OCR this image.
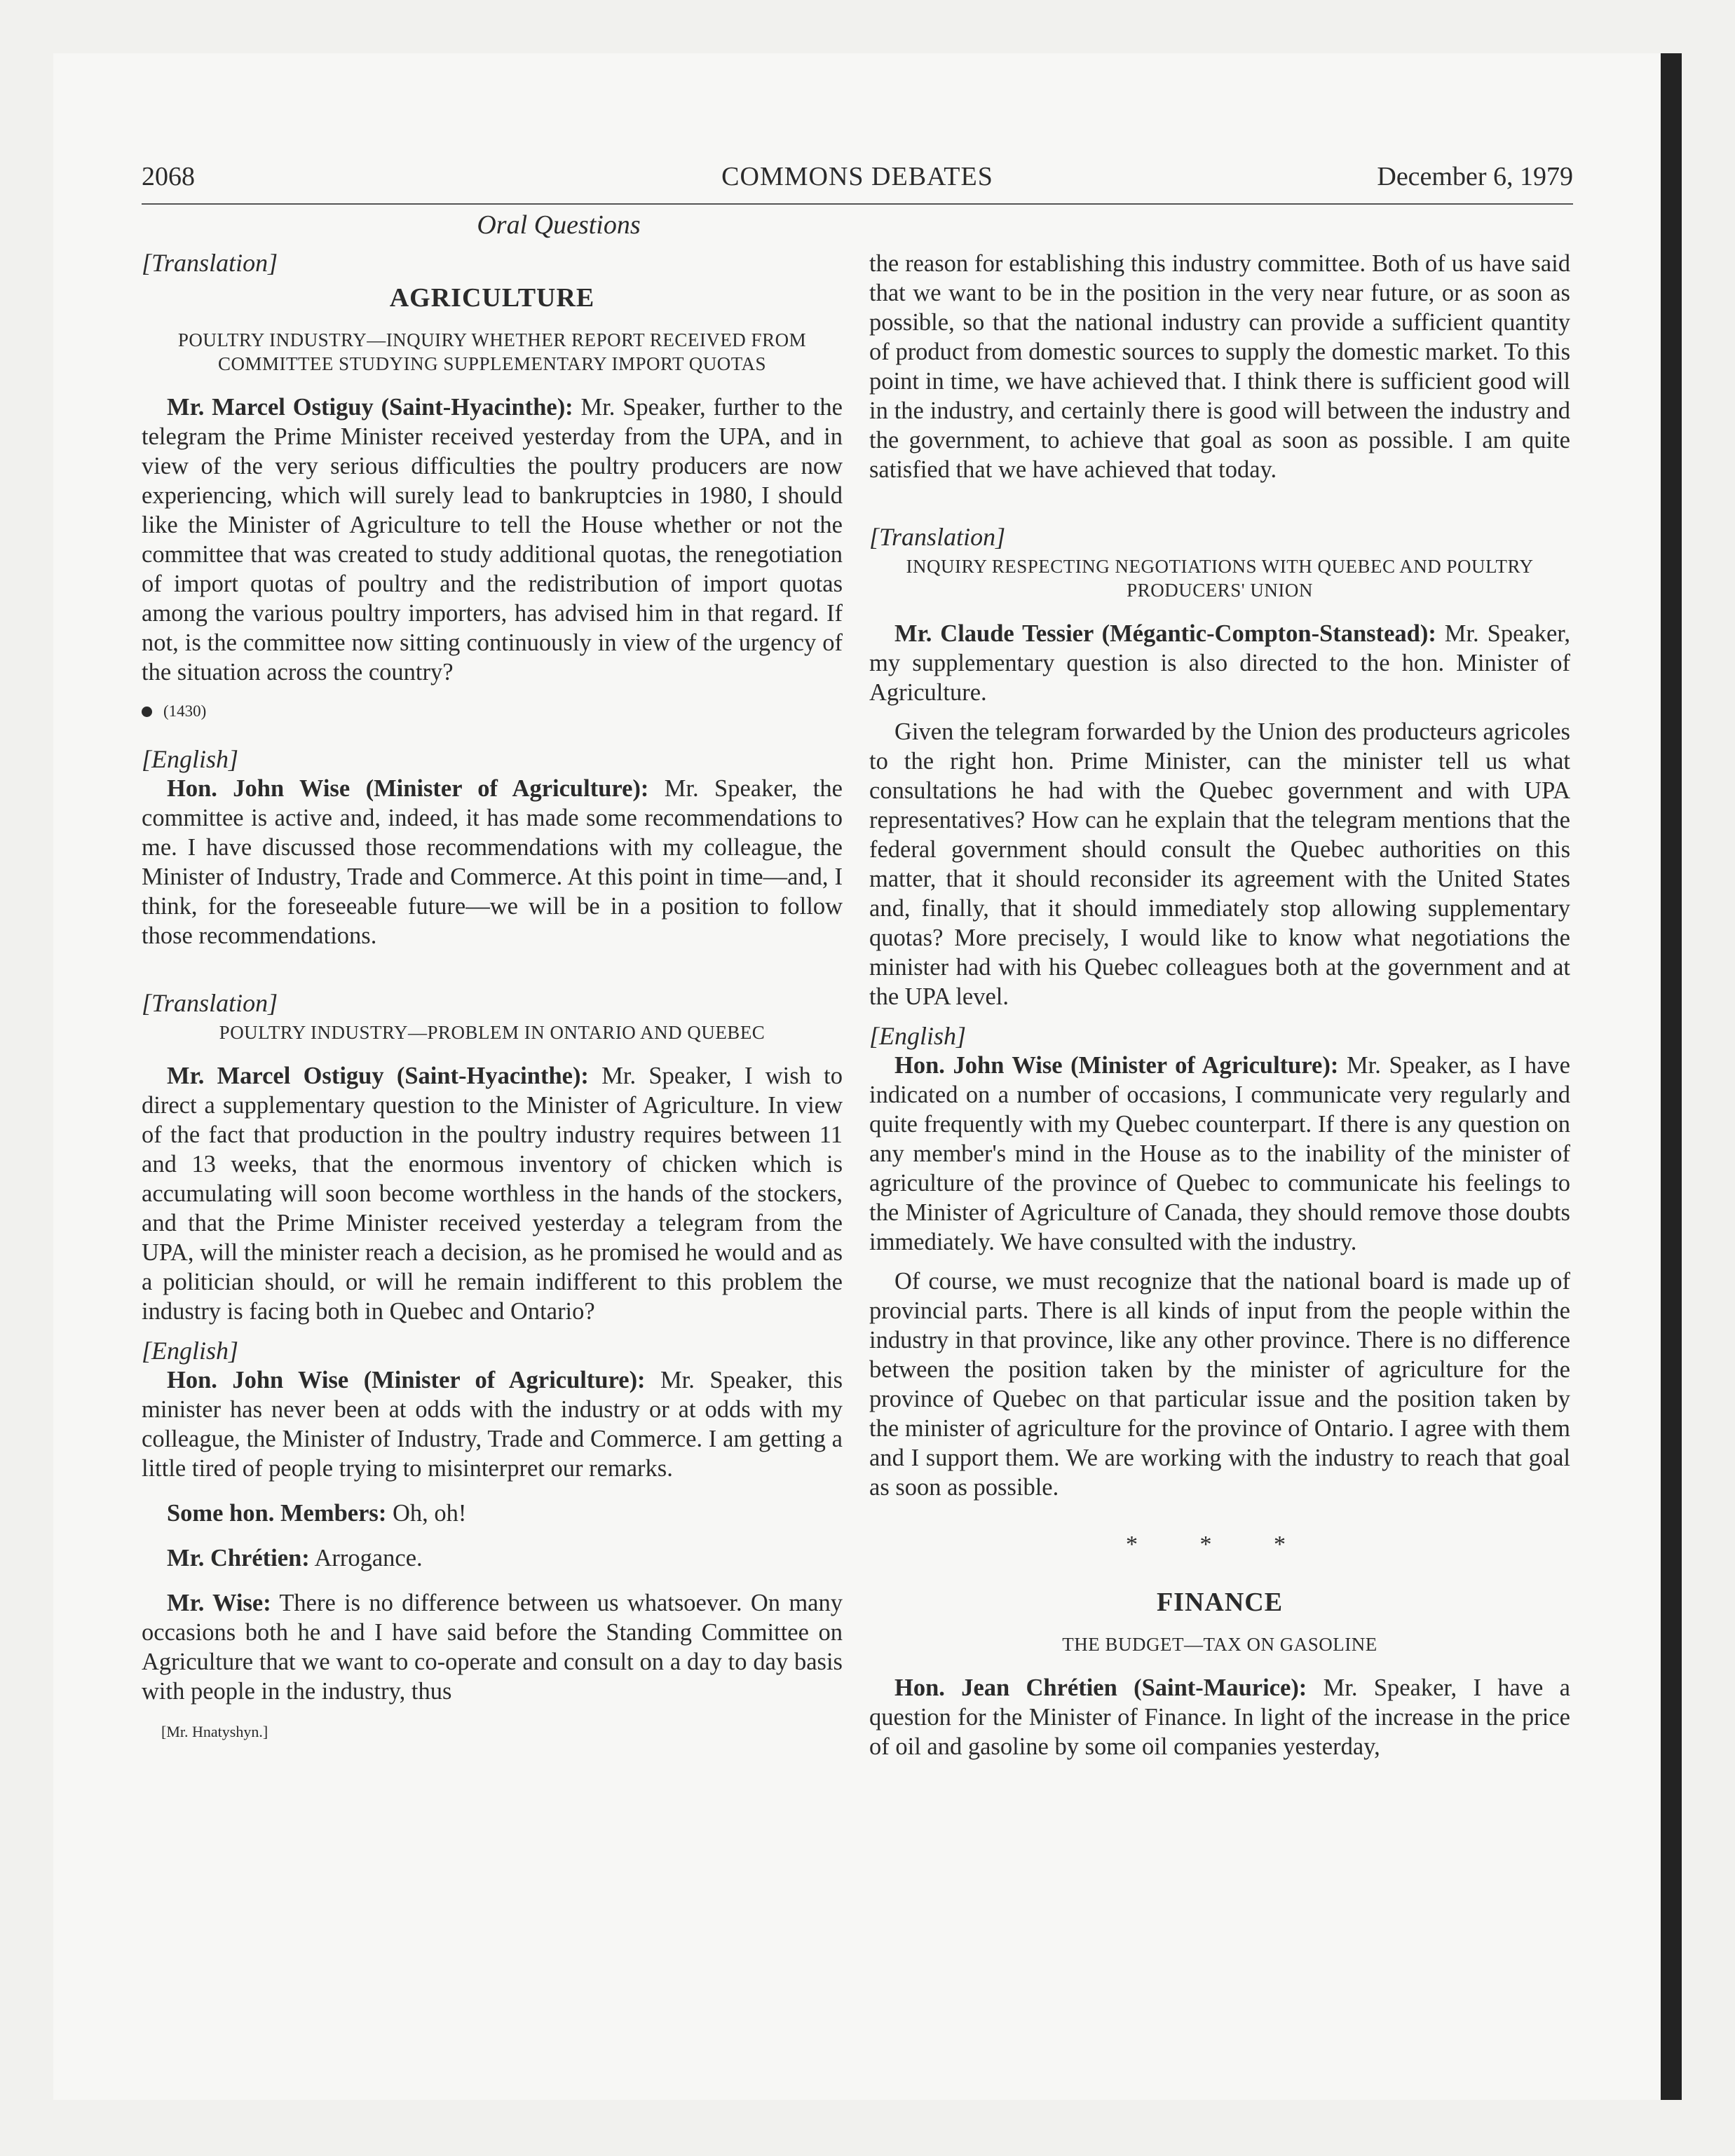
2068	COMMONS DEBATES	December 6, 1979
Oral Questions
[Translation]
AGRICULTURE
POULTRY INDUSTRY—INQUIRY WHETHER REPORT RECEIVED FROM COMMITTEE STUDYING SUPPLEMENTARY IMPORT QUOTAS

Mr. Marcel Ostiguy (Saint-Hyacinthe): Mr. Speaker, further to the telegram the Prime Minister received yesterday from the UPA, and in view of the very serious difficulties the poultry producers are now experiencing, which will surely lead to bankruptcies in 1980, I should like the Minister of Agriculture to tell the House whether or not the committee that was created to study additional quotas, the renegotiation of import quotas of poultry and the redistribution of import quotas among the various poultry importers, has advised him in that regard. If not, is the committee now sitting continuously in view of the urgency of the situation across the country?

(1430)
[English]

Hon. John Wise (Minister of Agriculture): Mr. Speaker, the committee is active and, indeed, it has made some recommendations to me. I have discussed those recommendations with my colleague, the Minister of Industry, Trade and Commerce. At this point in time—and, I think, for the foreseeable future—we will be in a position to follow those recommendations.

[Translation]
POULTRY INDUSTRY—PROBLEM IN ONTARIO AND QUEBEC

Mr. Marcel Ostiguy (Saint-Hyacinthe): Mr. Speaker, I wish to direct a supplementary question to the Minister of Agriculture. In view of the fact that production in the poultry industry requires between 11 and 13 weeks, that the enormous inventory of chicken which is accumulating will soon become worthless in the hands of the stockers, and that the Prime Minister received yesterday a telegram from the UPA, will the minister reach a decision, as he promised he would and as a politician should, or will he remain indifferent to this problem the industry is facing both in Quebec and Ontario?

[English]

Hon. John Wise (Minister of Agriculture): Mr. Speaker, this minister has never been at odds with the industry or at odds with my colleague, the Minister of Industry, Trade and Commerce. I am getting a little tired of people trying to misinterpret our remarks.

Some hon. Members: Oh, oh!

Mr. Chrétien: Arrogance.

Mr. Wise: There is no difference between us whatsoever. On many occasions both he and I have said before the Standing Committee on Agriculture that we want to co-operate and consult on a day to day basis with people in the industry, thus

[Mr. Hnatyshyn.]

the reason for establishing this industry committee. Both of us have said that we want to be in the position in the very near future, or as soon as possible, so that the national industry can provide a sufficient quantity of product from domestic sources to supply the domestic market. To this point in time, we have achieved that. I think there is sufficient good will in the industry, and certainly there is good will between the industry and the government, to achieve that goal as soon as possible. I am quite satisfied that we have achieved that today.

[Translation]
INQUIRY RESPECTING NEGOTIATIONS WITH QUEBEC AND POULTRY PRODUCERS' UNION

Mr. Claude Tessier (Mégantic-Compton-Stanstead): Mr. Speaker, my supplementary question is also directed to the hon. Minister of Agriculture.

Given the telegram forwarded by the Union des producteurs agricoles to the right hon. Prime Minister, can the minister tell us what consultations he had with the Quebec government and with UPA representatives? How can he explain that the telegram mentions that the federal government should consult the Quebec authorities on this matter, that it should reconsider its agreement with the United States and, finally, that it should immediately stop allowing supplementary quotas? More precisely, I would like to know what negotiations the minister had with his Quebec colleagues both at the government and at the UPA level.

[English]

Hon. John Wise (Minister of Agriculture): Mr. Speaker, as I have indicated on a number of occasions, I communicate very regularly and quite frequently with my Quebec counterpart. If there is any question on any member's mind in the House as to the inability of the minister of agriculture of the province of Quebec to communicate his feelings to the Minister of Agriculture of Canada, they should remove those doubts immediately. We have consulted with the industry.

Of course, we must recognize that the national board is made up of provincial parts. There is all kinds of input from the people within the industry in that province, like any other province. There is no difference between the position taken by the minister of agriculture for the province of Quebec on that particular issue and the position taken by the minister of agriculture for the province of Ontario. I agree with them and I support them. We are working with the industry to reach that goal as soon as possible.

* * *
FINANCE
THE BUDGET—TAX ON GASOLINE

Hon. Jean Chrétien (Saint-Maurice): Mr. Speaker, I have a question for the Minister of Finance. In light of the increase in the price of oil and gasoline by some oil companies yesterday,
